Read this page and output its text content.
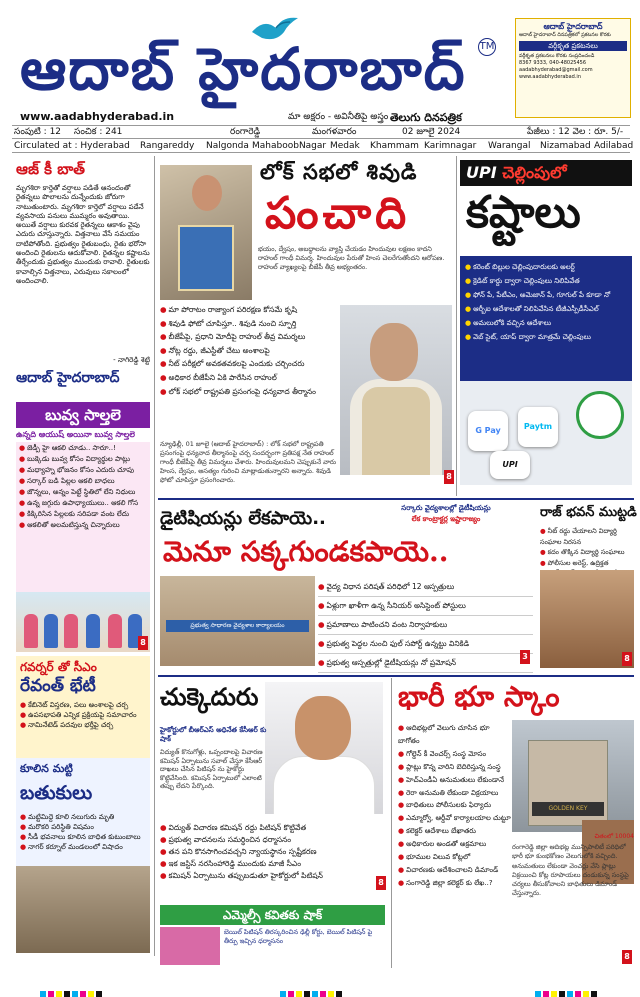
ఆదాబ్ హైదరాబాద్	TM
ఆదాబ్ హైదరాబాద్
ఆదాబ్ హైదరాబాద్ దినపత్రికలో ప్రకటనల కొరకు
వర్గీకృత ప్రకటనలు
వర్గీకృత ప్రకటనలు కొరకు సంప్రదించండి
8367 9333, 040-48025456
aadabhyderabad@gmail.com
www.aadabhyderabad.in
www.aadabhyderabad.in	మా అక్షరం - అవినీతిపై అస్త్రం తెలుగు దినపత్రిక
సంపుటి : 12 సంచిక : 241	రంగారెడ్డి	మంగళవారం	02 జూలై 2024	పేజీలు : 12 వెల : రూ. 5/-
Circulated at : Hyderabad Rangareddy Nalgonda MahaboobNagar Medak Khammam Karimnagar Warangal Nizamabad Adilabad
ఆజ్ కీ బాత్
మృగశిరా కార్తెతో వర్షాలు పడితే ఆనందంతో రైతన్నలు పొలాలను దున్నేందుకు జోరుగా నాటుతుంటారు. మృగశిరా కార్తెలో వర్షాలు పడేనే వ్యవసాయ పనులు ముమ్మరం అవుతాయి. అయితే వర్షాలు కురవక రైతన్నలు ఆకాశం వైపు ఎదురు చూస్తున్నారు. విత్తనాలు వేసే సమయం దాటిపోతోంది. ప్రభుత్వం రైతుబంధు, రైతు భరోసా అందించి రైతులను ఆదుకోవాలి. రైతన్నల కష్టాలను తీర్చేందుకు ప్రభుత్వం ముందుకు రావాలి. రైతులకు కావాల్సిన విత్తనాలు, ఎరువులు సకాలంలో అందించాలి.
- నాగిరెడ్డి శెట్టి
ఆదాబ్ హైదరాబాద్
బువ్వ సాల్తలె
ఉన్నది ఆయుష్ అయినా బువ్వ సాల్తలె
● జెడ్పీ హై ఆకలి చూడు.. సారూ..!
● బుక్కెడు బువ్వ కోసం విద్యార్థుల పాట్లు
● మధ్యాహ్న భోజనం కోసం ఎదురు చూపు
● సర్కార్ బడి పిల్లల ఆకలి బాధలు
● జొన్నలు, అన్నం పెట్టే స్థితిలో లేని నిధులు
● ఉన్న జగ్గురు ఉపాధ్యాయులు.. ఆకలి గోస
● కిక్కిరిసిన పిల్లలకు సరిపడా వంట లేదు
● ఆకలితో అలమటిస్తున్న చిన్నారులు
8
గవర్నర్ తో సీఎం
రేవంత్ భేటీ
● కేబినెట్ విస్తరణ, పలు అంశాలపై చర్చ
● ఉపసభాపతి ఎన్నిక ప్రక్రియపై సమాచారం
● నామినేటెడ్ పదవుల భర్తీపై చర్చ
కూలిన మట్టి
బతుకులు
● మట్టిమిద్దె కూలి నలుగురు మృతి
● మరొకరి పరిస్థితి విషమం
● సీడీ భవనాలు కూలిన బాధిత కుటుంబాలు
● నాగర్ కర్నూల్ మండలంలో విషాదం
లోక్ సభలో శివుడి
పంచాది
భయం, ద్వేషం, అబద్ధాలను వ్యాప్తి చేయడం హిందువుల లక్షణం కాదని రాహుల్ గాంధీ విమర్శ. హిందువుల పేరుతో హింస చెలరేగుతోందని ఆరోపణ. రాహుల్ వ్యాఖ్యలపై బీజేపీ తీవ్ర అభ్యంతరం.
● మా పోరాటం రాజ్యాంగ పరిరక్షణ కోసమే కృషి
● శివుడి ఫోటో చూపిస్తూ.. శివుడి నుంచి స్ఫూర్తి
● బీజేపీపై, ప్రధాని మోదీపై రాహుల్ తీవ్ర విమర్శలు
● నోట్ల రద్దు, జీఎస్టీతో చేటు అంశాలపై
● నీట్ పరీక్షలో అవకతవకలపై ఎందుకు చర్చించరు
● అధికార బీజేపీని ఏకి పారేసిన రాహుల్
● లోక్ సభలో రాష్ట్రపతి ప్రసంగంపై ధన్యవాద తీర్మానం
న్యూఢిల్లీ, 01 జూలై (ఆదాబ్ హైదరాబాద్) : లోక్ సభలో రాష్ట్రపతి ప్రసంగంపై ధన్యవాద తీర్మానంపై చర్చ సందర్భంగా ప్రతిపక్ష నేత రాహుల్ గాంధీ బీజేపీపై తీవ్ర విమర్శలు చేశారు. హిందువులమని చెప్పుకునే వారు హింస, ద్వేషం, అసత్యం గురించి మాట్లాడుతున్నారని అన్నారు. శివుడి ఫోటో చూపిస్తూ ప్రసంగించారు.
UPI చెల్లింపులో
కష్టాలు
● కరెంట్ బిల్లుల చెల్లింపుదారులకు అలర్ట్
● క్రెడిట్ కార్డు ద్వారా చెల్లింపులు నిలిపివేత
● ఫోన్ పే, పేటీఎం, అమెజాన్ పే, గూగుల్ పే కూడా నో
● ఆర్బీఐ ఆదేశాలతో నిలిపివేసిన టీజీఎస్పీడీసీఎల్
● అమలులోకి వచ్చిన ఆదేశాలు
● వెబ్ సైట్, యాప్ ద్వారా మాత్రమే చెల్లింపులు
G Pay	Paytm
UPI
8
డైటిషియన్లు లేకపాయె..	సర్కారు వైద్యశాలల్లో డైటీషియన్లు
లేక కాంట్రాక్టర్ల ఇష్టారాజ్యం
మెనూ సక్కగుండకపాయె..
ప్రభుత్వ సాధారణ వైద్యశాల కార్యాలయం
● వైద్య విధాన పరిషత్ పరిధిలో 12 ఆస్పత్రులు
● ఏళ్లుగా ఖాళీగా ఉన్న సీనియర్ అసిస్టెంట్ పోస్టులు
● ప్రమాణాలు పాటించని వంట నిర్వాహకులు
● ప్రభుత్వ పెద్దల నుంచి ఫుల్ సపోర్ట్ ఉన్నట్టు వినికిడి
● ప్రభుత్వ ఆస్పత్రుల్లో డైటీషియన్లు నో ప్రమోషన్
3
రాజ్ భవన్ ముట్టడి
● నీట్ రద్దు చేయాలని విద్యార్థి సంఘాల నిరసన
● కదం తొక్కిన విద్యార్థి సంఘాలు
● పోలీసుల అరెస్ట్, ఉద్రిక్తత
8
చుక్కెదురు
హైకోర్టులో బీఆర్ఎస్ అధినేత కేసీఆర్ కు షాక్
విద్యుత్ కొనుగోళ్లు, ఒప్పందాలపై విచారణ కమిషన్ ఏర్పాటును సవాల్ చేస్తూ కేసీఆర్ దాఖలు చేసిన పిటిషన్ ను హైకోర్టు కొట్టివేసింది. కమిషన్ ఏర్పాటులో ఎలాంటి తప్పు లేదని పేర్కొంది.
● విద్యుత్ విచారణ కమిషన్ రద్దు పిటిషన్ కొట్టివేత
● ప్రభుత్వ వాదనలను సమర్థించిన ధర్మాసనం
● తన పని కొనసాగించవచ్చని న్యాయస్థానం స్పష్టీకరణ
● ఇక జస్టిస్ నరసింహారెడ్డి ముందుకు మాజీ సీఎం
● కమిషన్ ఏర్పాటును తప్పుబడుతూ హైకోర్టులో పిటిషన్
8
ఎమ్మెల్సీ కవితకు షాక్
బెయిల్ పిటిషన్ తిరస్కరించిన ఢిల్లీ కోర్టు, బెయిల్ పిటిషన్ పై తీర్పు ఇచ్చిన ధర్మాసనం
భారీ భూ స్కాం
● ఆదిభట్లలో వెలుగు చూసిన భూ బాగోతం
● గోల్డెన్ కీ వెంచర్స్ సంస్థ మోసం
● ప్లాట్లు కొన్న వారిని బెదిరిస్తున్న సంస్థ
● హెచ్ఎండీఏ అనుమతులు లేకుండానే
● రెరా అనుమతి లేకుండా విక్రయాలు
● బాధితులు పోలీసులకు ఫిర్యాదు
● ఎమ్మార్వో, ఆర్డీవో కార్యాలయాల చుట్టూ
● కలెక్టర్ ఆదేశాలు బేఖాతరు
● అధికారుల అండతో అక్రమాలు
● భూముల విలువ కోట్లలో
● విచారణకు ఆదేశించాలని డిమాండ్
● సంగారెడ్డి జిల్లా కలెక్టర్ కు లేఖ..?
GOLDEN KEY
చితంలో 10004
రంగారెడ్డి జిల్లా ఆదిభట్ల మున్సిపాలిటీ పరిధిలో భారీ భూ కుంభకోణం వెలుగులోకి వచ్చింది. అనుమతులు లేకుండా వెంచర్లు వేసి ప్లాట్లు విక్రయించి కోట్ల రూపాయలు దండుకున్న సంస్థపై చర్యలు తీసుకోవాలని బాధితులు డిమాండ్ చేస్తున్నారు.
8
